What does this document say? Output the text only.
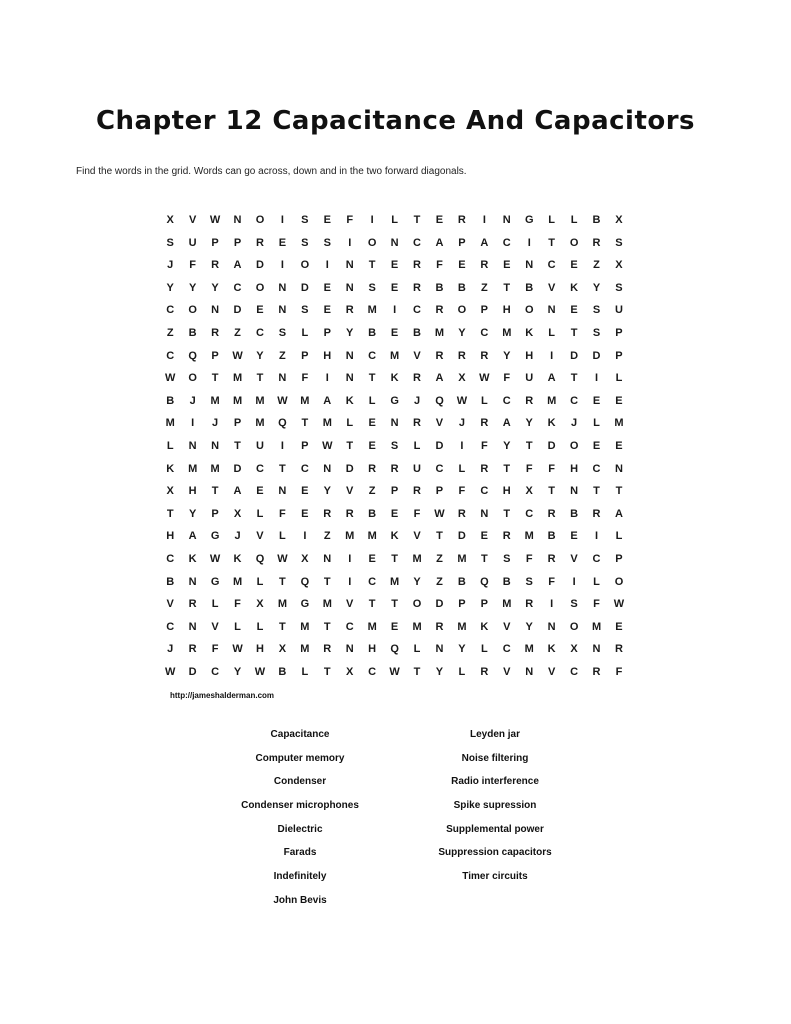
Chapter 12 Capacitance And Capacitors

Find the words in the grid. Words can go across, down and in the two forward diagonals.

X	V	W	N	O	I	S	E	F	I	L	T	E	R	I	N	G	L	L	B	X
S	U	P	P	R	E	S	S	I	O	N	C	A	P	A	C	I	T	O	R	S
J	F	R	A	D	I	O	I	N	T	E	R	F	E	R	E	N	C	E	Z	X
Y	Y	Y	C	O	N	D	E	N	S	E	R	B	B	Z	T	B	V	K	Y	S
C	O	N	D	E	N	S	E	R	M	I	C	R	O	P	H	O	N	E	S	U
Z	B	R	Z	C	S	L	P	Y	B	E	B	M	Y	C	M	K	L	T	S	P
C	Q	P	W	Y	Z	P	H	N	C	M	V	R	R	R	Y	H	I	D	D	P
W	O	T	M	T	N	F	I	N	T	K	R	A	X	W	F	U	A	T	I	L
B	J	M	M	M	W	M	A	K	L	G	J	Q	W	L	C	R	M	C	E	E
M	I	J	P	M	Q	T	M	L	E	N	R	V	J	R	A	Y	K	J	L	M
L	N	N	T	U	I	P	W	T	E	S	L	D	I	F	Y	T	D	O	E	E
K	M	M	D	C	T	C	N	D	R	R	U	C	L	R	T	F	F	H	C	N
X	H	T	A	E	N	E	Y	V	Z	P	R	P	F	C	H	X	T	N	T	T
T	Y	P	X	L	F	E	R	R	B	E	F	W	R	N	T	C	R	B	R	A
H	A	G	J	V	L	I	Z	M	M	K	V	T	D	E	R	M	B	E	I	L
C	K	W	K	Q	W	X	N	I	E	T	M	Z	M	T	S	F	R	V	C	P
B	N	G	M	L	T	Q	T	I	C	M	Y	Z	B	Q	B	S	F	I	L	O
V	R	L	F	X	M	G	M	V	T	T	O	D	P	P	M	R	I	S	F	W
C	N	V	L	L	T	M	T	C	M	E	M	R	M	K	V	Y	N	O	M	E
J	R	F	W	H	X	M	R	N	H	Q	L	N	Y	L	C	M	K	X	N	R
W	D	C	Y	W	B	L	T	X	C	W	T	Y	L	R	V	N	V	C	R	F
http://jameshalderman.com
Capacitance
Computer memory
Condenser
Condenser microphones
Dielectric
Farads
Indefinitely
John Bevis
Leyden jar
Noise filtering
Radio interference
Spike supression
Supplemental power
Suppression capacitors
Timer circuits
